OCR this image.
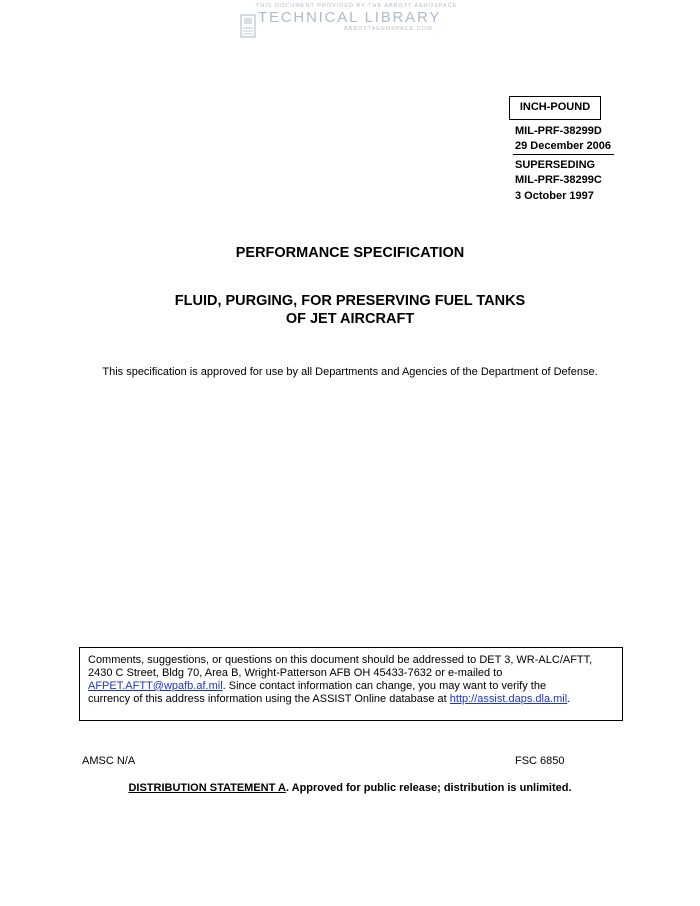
THIS DOCUMENT PROVIDED BY THE ABBOTT AEROSPACE
TECHNICAL LIBRARY
ABBOTTAEROSPACE.COM
INCH-POUND
MIL-PRF-38299D
29 December 2006
SUPERSEDING
MIL-PRF-38299C
3 October 1997
PERFORMANCE SPECIFICATION
FLUID, PURGING, FOR PRESERVING FUEL TANKS
OF JET AIRCRAFT
This specification is approved for use by all Departments and Agencies of the Department of Defense.
Comments, suggestions, or questions on this document should be addressed to DET 3, WR-ALC/AFTT,
2430 C Street, Bldg 70, Area B, Wright-Patterson AFB OH 45433-7632 or e-mailed to
AFPET.AFTT@wpafb.af.mil. Since contact information can change, you may want to verify the
currency of this address information using the ASSIST Online database at http://assist.daps.dla.mil.
AMSC N/A	FSC 6850
DISTRIBUTION STATEMENT A. Approved for public release; distribution is unlimited.
